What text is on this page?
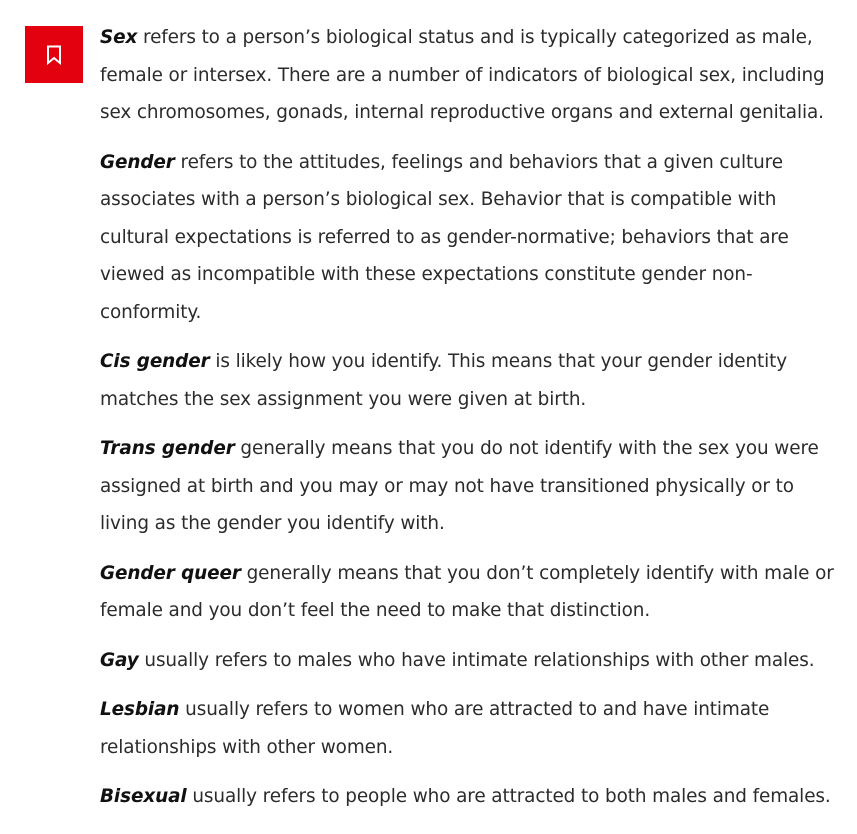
Sex refers to a person’s biological status and is typically categorized as male, female or intersex. There are a number of indicators of biological sex, including sex chromosomes, gonads, internal reproductive organs and external genitalia.

Gender refers to the attitudes, feelings and behaviors that a given culture associates with a person’s biological sex. Behavior that is compatible with cultural expectations is referred to as gender-normative; behaviors that are viewed as incompatible with these expectations constitute gender non-conformity.

Cis gender is likely how you identify. This means that your gender identity matches the sex assignment you were given at birth.

Trans gender generally means that you do not identify with the sex you were assigned at birth and you may or may not have transitioned physically or to living as the gender you identify with.

Gender queer generally means that you don’t completely identify with male or female and you don’t feel the need to make that distinction.

Gay usually refers to males who have intimate relationships with other males.

Lesbian usually refers to women who are attracted to and have intimate relationships with other women.

Bisexual usually refers to people who are attracted to both males and females.
